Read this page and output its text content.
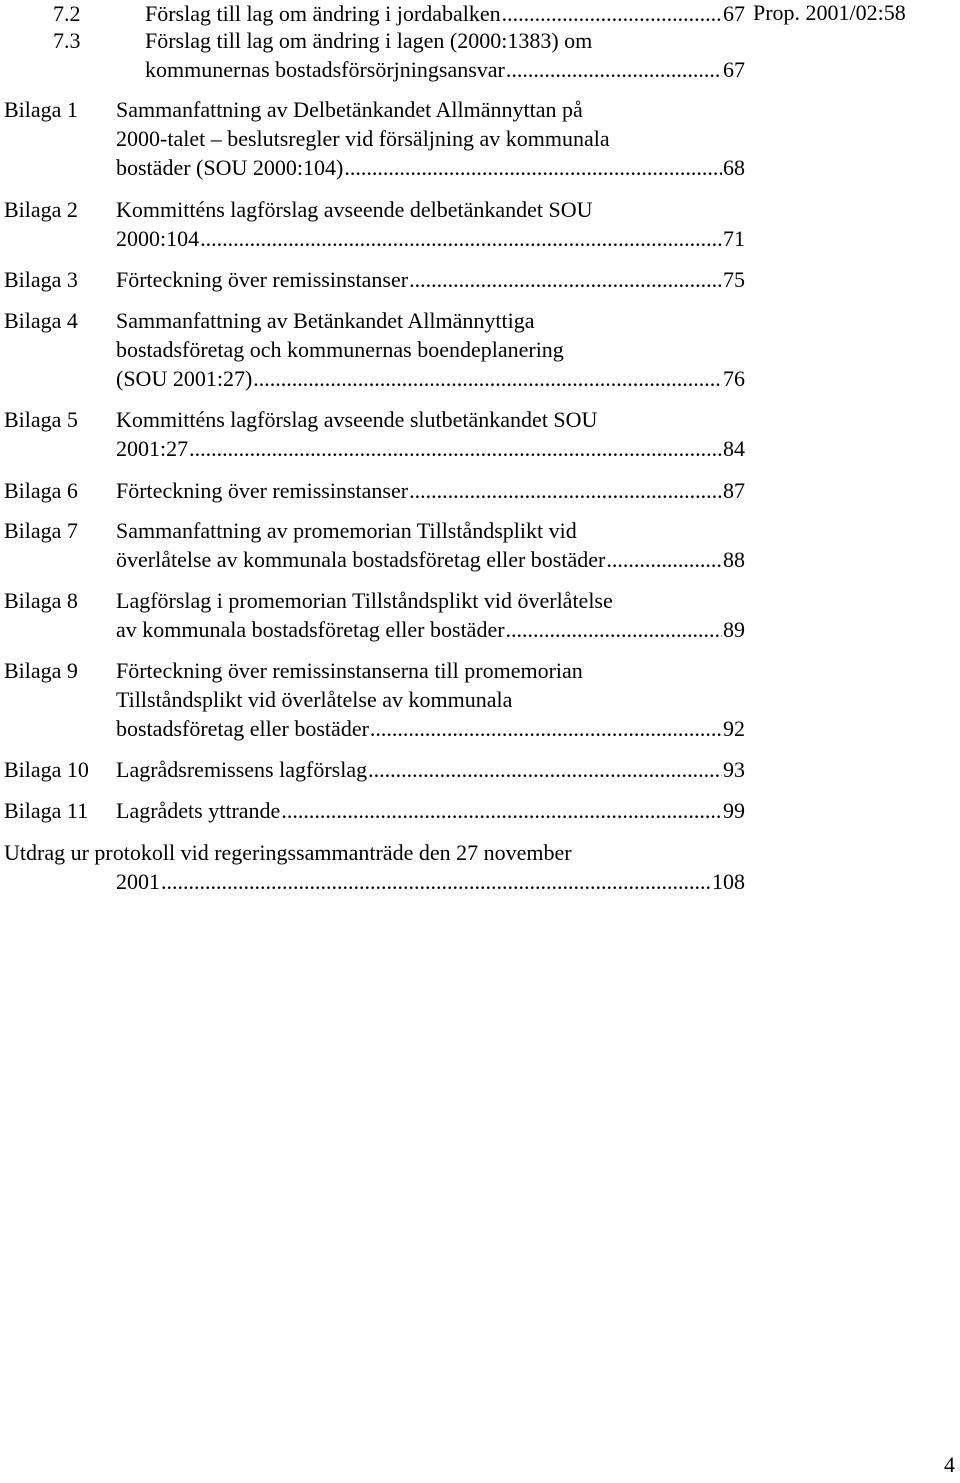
Prop. 2001/02:58
7.2	Förslag till lag om ändring i jordabalken .....	67
7.3	Förslag till lag om ändring i lagen (2000:1383) om
kommunernas bostadsförsörjningsansvar .....	67
Bilaga 1 Sammanfattning av Delbetänkandet Allmännyttan på
2000-talet – beslutsregler vid försäljning av kommunala
bostäder (SOU 2000:104) .....	68
Bilaga 2 Kommitténs lagförslag avseende delbetänkandet SOU
2000:104 .....	71
Bilaga 3 Förteckning över remissinstanser .....	75
Bilaga 4 Sammanfattning av Betänkandet Allmännyttiga
bostadsföretag och kommunernas boendeplanering
(SOU 2001:27) .....	76
Bilaga 5 Kommitténs lagförslag avseende slutbetänkandet SOU
2001:27 .....	84
Bilaga 6 Förteckning över remissinstanser .....	87
Bilaga 7 Sammanfattning av promemorian Tillståndsplikt vid
överlåtelse av kommunala bostadsföretag eller bostäder .....	88
Bilaga 8 Lagförslag i promemorian Tillståndsplikt vid överlåtelse
av kommunala bostadsföretag eller bostäder .....	89
Bilaga 9 Förteckning över remissinstanserna till promemorian
Tillståndsplikt vid överlåtelse av kommunala
bostadsföretag eller bostäder .....	92
Bilaga 10 Lagrådsremissens lagförslag .....	93
Bilaga 11 Lagrådets yttrande .....	99
Utdrag ur protokoll vid regeringssammanträde den 27 november
2001 .....	108
4
